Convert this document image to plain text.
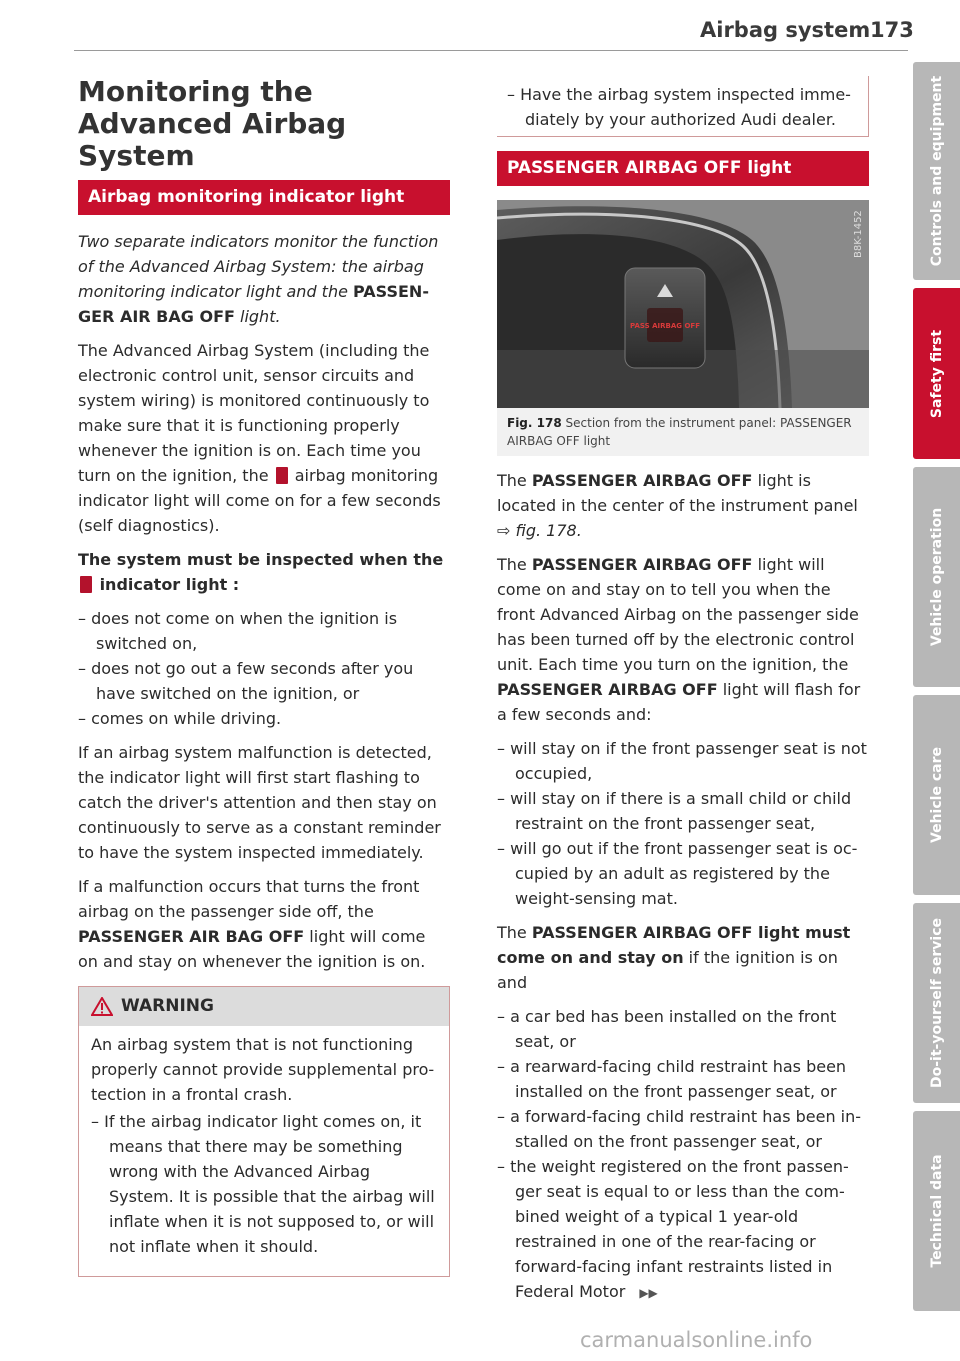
Airbag system 173
Monitoring the Advanced Airbag System
Airbag monitoring indicator light

Two separate indicators monitor the function of the Advanced Airbag System: the airbag monitoring indicator light and the PASSENGER AIR BAG OFF light.

The Advanced Airbag System (including the electronic control unit, sensor circuits and system wiring) is monitored continuously to make sure that it is functioning properly whenever the ignition is on. Each time you turn on the ignition, the  airbag monitoring indicator light will come on for a few seconds (self diagnostics).

The system must be inspected when the  indicator light :

– does not come on when the ignition is switched on,
– does not go out a few seconds after you have switched on the ignition, or
– comes on while driving.

If an airbag system malfunction is detected, the indicator light will first start flashing to catch the driver's attention and then stay on continuously to serve as a constant reminder to have the system inspected immediately.

If a malfunction occurs that turns the front airbag on the passenger side off, the PASSENGER AIR BAG OFF light will come on and stay on whenever the ignition is on.

WARNING

An airbag system that is not functioning properly cannot provide supplemental protection in a frontal crash.

– If the airbag indicator light comes on, it means that there may be something wrong with the Advanced Airbag System. It is possible that the airbag will inflate when it is not supposed to, or will not inflate when it should.
– Have the airbag system inspected immediately by your authorized Audi dealer.
PASSENGER AIRBAG OFF light
PASS AIRBAG OFF
B8K-1452
Fig. 178 Section from the instrument panel: PASSENGER AIRBAG OFF light

The PASSENGER AIRBAG OFF light is located in the center of the instrument panel
⇨ fig. 178.

The PASSENGER AIRBAG OFF light will come on and stay on to tell you when the front Advanced Airbag on the passenger side has been turned off by the electronic control unit. Each time you turn on the ignition, the PASSENGER AIRBAG OFF light will flash for a few seconds and:

– will stay on if the front passenger seat is not occupied,
– will stay on if there is a small child or child restraint on the front passenger seat,
– will go out if the front passenger seat is occupied by an adult as registered by the weight-sensing mat.

The PASSENGER AIRBAG OFF light must come on and stay on if the ignition is on and

– a car bed has been installed on the front seat, or
– a rearward-facing child restraint has been installed on the front passenger seat, or
– a forward-facing child restraint has been installed on the front passenger seat, or
– the weight registered on the front passenger seat is equal to or less than the combined weight of a typical 1 year-old restrained in one of the rear-facing or forward-facing infant restraints listed in Federal Motor ▶▶
Controls and equipment
Safety first
Vehicle operation
Vehicle care
Do-it-yourself service
Technical data
carmanualsonline.info
